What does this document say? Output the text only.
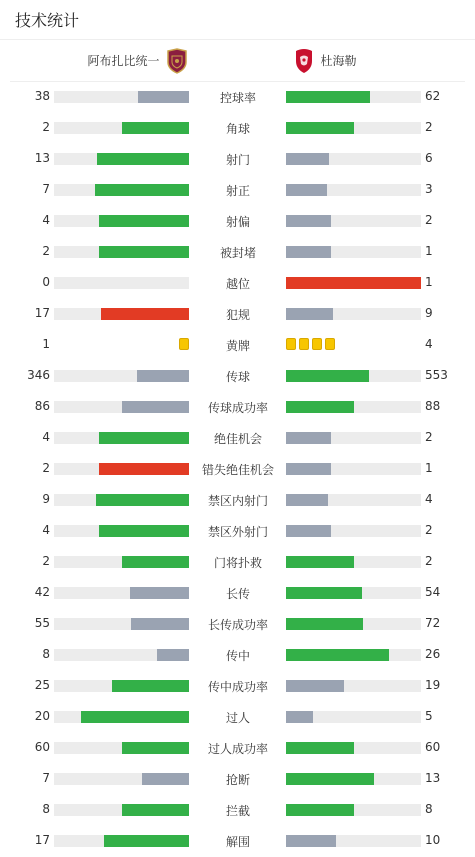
技术统计
阿布扎比统一	杜海勒
38	控球率	62
2	角球	2
13	射门	6
7	射正	3
4	射偏	2
2	被封堵	1
0	越位	1
17	犯规	9
1	黄牌	4
346	传球	553
86	传球成功率	88
4	绝佳机会	2
2	错失绝佳机会	1
9	禁区内射门	4
4	禁区外射门	2
2	门将扑救	2
42	长传	54
55	长传成功率	72
8	传中	26
25	传中成功率	19
20	过人	5
60	过人成功率	60
7	抢断	13
8	拦截	8
17	解围	10
